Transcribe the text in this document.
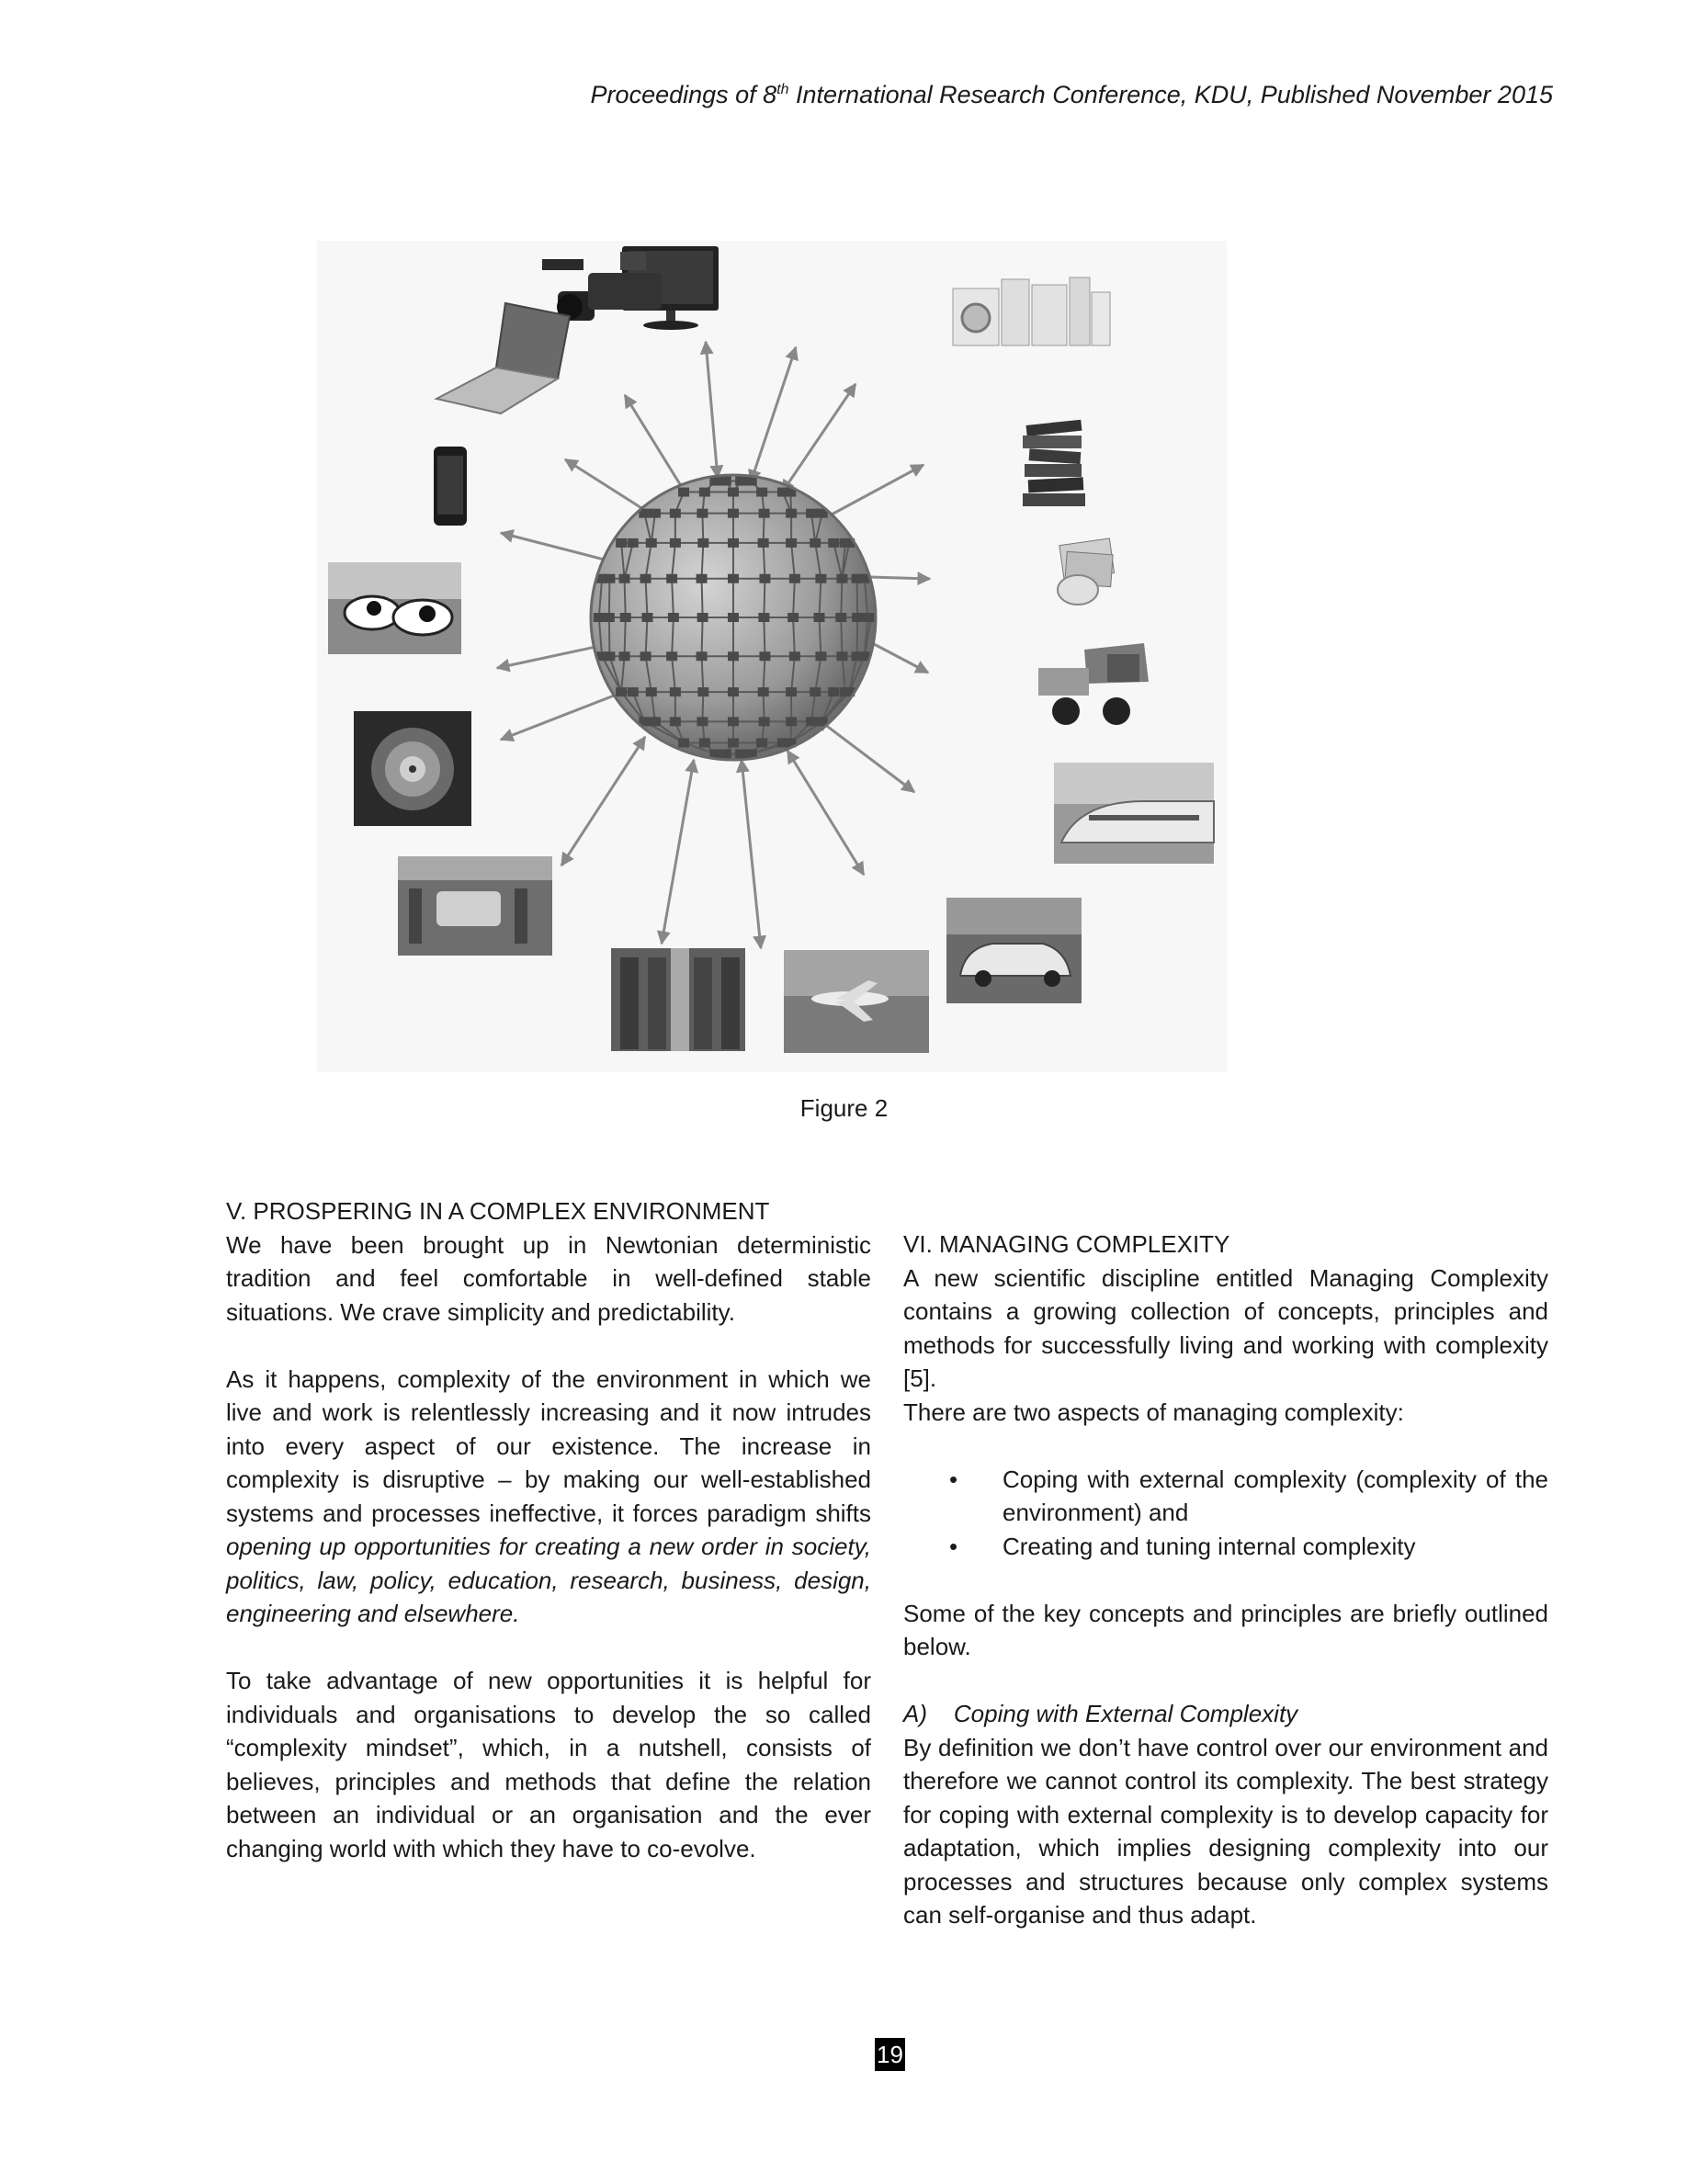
Proceedings of 8th International Research Conference, KDU, Published November 2015
Figure 2

V. PROSPERING IN A COMPLEX ENVIRONMENT

We have been brought up in Newtonian deterministic tradition and feel comfortable in well-defined stable situations. We crave simplicity and predictability.

As it happens, complexity of the environment in which we live and work is relentlessly increasing and it now intrudes into every aspect of our existence. The increase in complexity is disruptive – by making our well-established systems and processes ineffective, it forces paradigm shifts opening up opportunities for creating a new order in society, politics, law, policy, education, research, business, design, engineering and elsewhere.

To take advantage of new opportunities it is helpful for individuals and organisations to develop the so called “complexity mindset”, which, in a nutshell, consists of believes, principles and methods that define the relation between an individual or an organisation and the ever changing world with which they have to co-evolve.

VI. MANAGING COMPLEXITY

A new scientific discipline entitled Managing Complexity contains a growing collection of concepts, principles and methods for successfully living and working with complexity [5].

There are two aspects of managing complexity:

• Coping with external complexity (complexity of the environment) and
• Creating and tuning internal complexity

Some of the key concepts and principles are briefly outlined below.

A)    Coping with External Complexity

By definition we don’t have control over our environment and therefore we cannot control its complexity. The best strategy for coping with external complexity is to develop capacity for adaptation, which implies designing complexity into our processes and structures because only complex systems can self-organise and thus adapt.

19
